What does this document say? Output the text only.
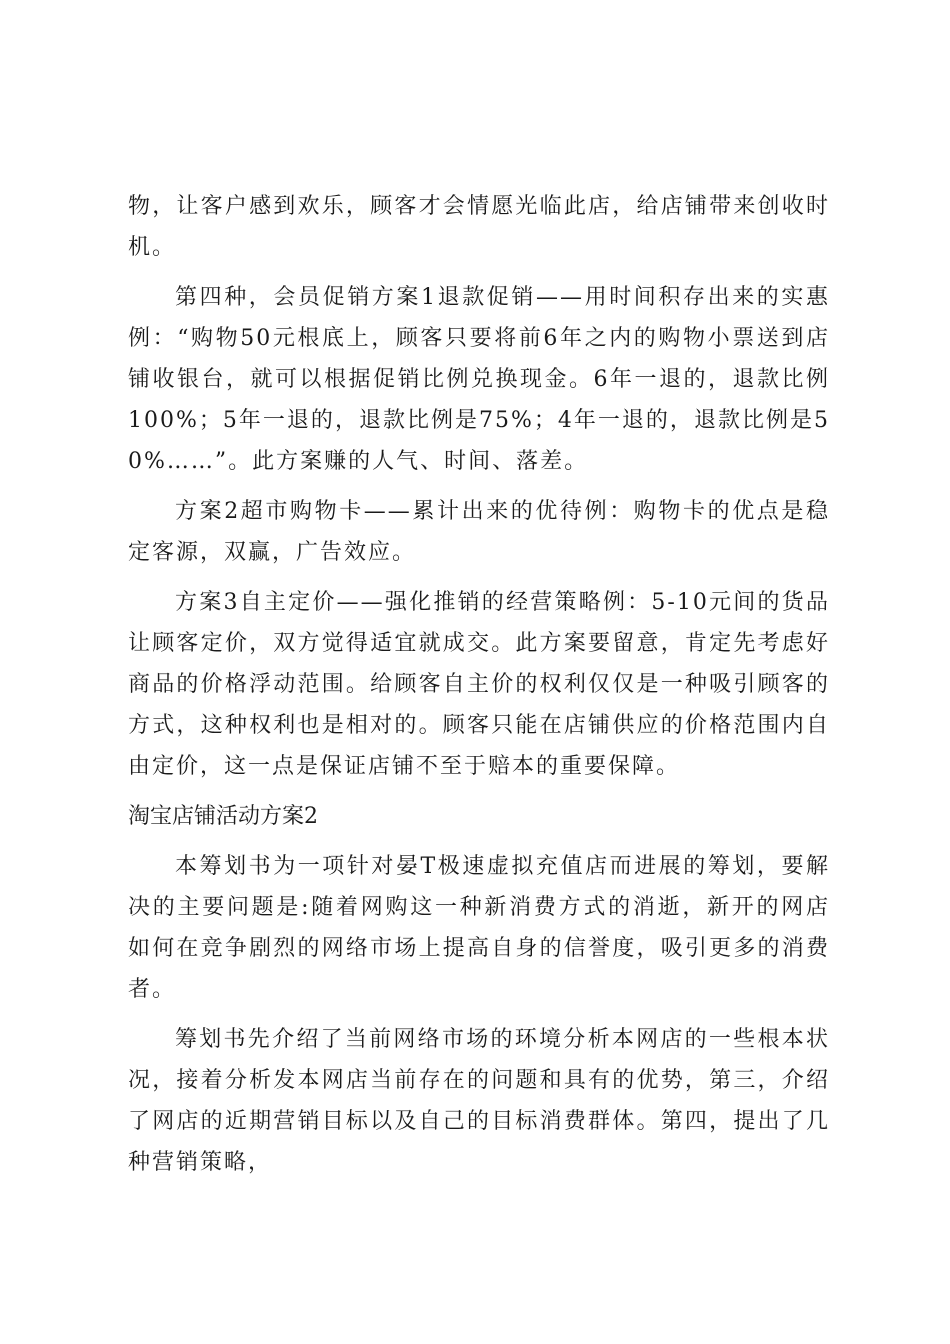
物，让客户感到欢乐，顾客才会情愿光临此店，给店铺带来创收时机。

第四种，会员促销方案1退款促销——用时间积存出来的实惠例：“购物50元根底上，顾客只要将前6年之内的购物小票送到店铺收银台，就可以根据促销比例兑换现金。6年一退的，退款比例100%；5年一退的，退款比例是75%；4年一退的，退款比例是50%……”。此方案赚的人气、时间、落差。

方案2超市购物卡——累计出来的优待例：购物卡的优点是稳定客源，双赢，广告效应。

方案3自主定价——强化推销的经营策略例：5-10元间的货品让顾客定价，双方觉得适宜就成交。此方案要留意，肯定先考虑好商品的价格浮动范围。给顾客自主价的权利仅仅是一种吸引顾客的方式，这种权利也是相对的。顾客只能在店铺供应的价格范围内自由定价，这一点是保证店铺不至于赔本的重要保障。

淘宝店铺活动方案2

本筹划书为一项针对晏T极速虚拟充值店而进展的筹划，要解决的主要问题是:随着网购这一种新消费方式的消逝，新开的网店如何在竞争剧烈的网络市场上提高自身的信誉度，吸引更多的消费者。

筹划书先介绍了当前网络市场的环境分析本网店的一些根本状况，接着分析发本网店当前存在的问题和具有的优势，第三，介绍了网店的近期营销目标以及自己的目标消费群体。第四，提出了几种营销策略，
